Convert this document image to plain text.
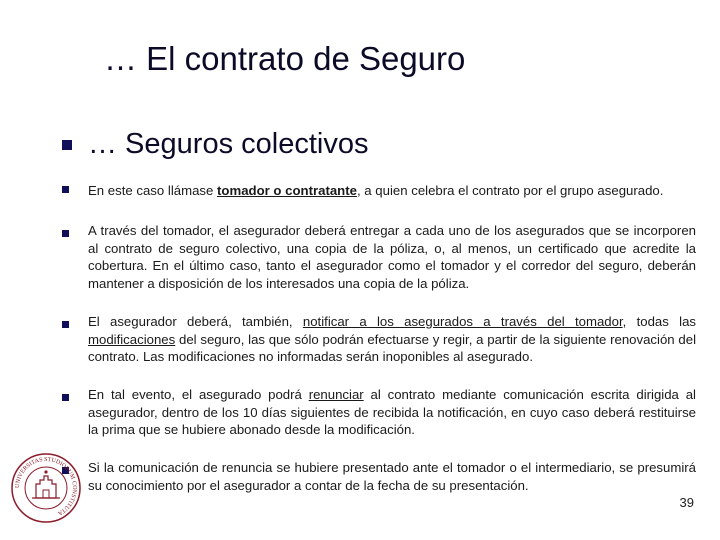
… El contrato de Seguro
… Seguros colectivos
En este caso llámase tomador o contratante, a quien celebra el contrato por el grupo asegurado.
A través del tomador, el asegurador deberá entregar a cada uno de los asegurados que se incorporen al contrato de seguro colectivo, una copia de la póliza, o, al menos, un certificado que acredite la cobertura. En el último caso, tanto el asegurador como el tomador y el corredor del seguro, deberán mantener a disposición de los interesados una copia de la póliza.
El asegurador deberá, también, notificar a los asegurados a través del tomador, todas las modificaciones del seguro, las que sólo podrán efectuarse y regir, a partir de la siguiente renovación del contrato. Las modificaciones no informadas serán inoponibles al asegurado.
En tal evento, el asegurado podrá renunciar al contrato mediante comunicación escrita dirigida al asegurador, dentro de los 10 días siguientes de recibida la notificación, en cuyo caso deberá restituirse la prima que se hubiere abonado desde la modificación.
Si la comunicación de renuncia se hubiere presentado ante el tomador o el intermediario, se presumirá su conocimiento por el asegurador a contar de la fecha de su presentación.
UNIVERSITAS STUDIORUM CONSTITUTA
39
